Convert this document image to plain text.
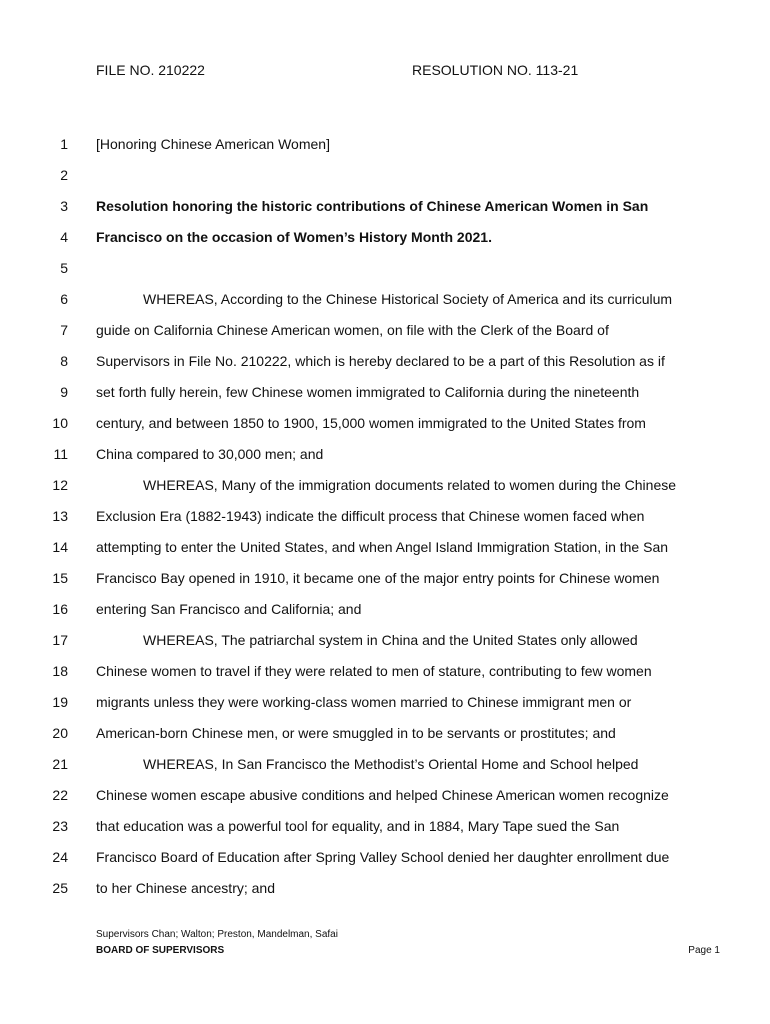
FILE NO. 210222	RESOLUTION NO. 113-21
1 [Honoring Chinese American Women]
2
3 Resolution honoring the historic contributions of Chinese American Women in San
4 Francisco on the occasion of Women’s History Month 2021.
5
6	WHEREAS, According to the Chinese Historical Society of America and its curriculum
7 guide on California Chinese American women, on file with the Clerk of the Board of
8 Supervisors in File No. 210222, which is hereby declared to be a part of this Resolution as if
9 set forth fully herein, few Chinese women immigrated to California during the nineteenth
10 century, and between 1850 to 1900, 15,000 women immigrated to the United States from
11 China compared to 30,000 men; and
12	WHEREAS, Many of the immigration documents related to women during the Chinese
13 Exclusion Era (1882-1943) indicate the difficult process that Chinese women faced when
14 attempting to enter the United States, and when Angel Island Immigration Station, in the San
15 Francisco Bay opened in 1910, it became one of the major entry points for Chinese women
16 entering San Francisco and California; and
17	WHEREAS, The patriarchal system in China and the United States only allowed
18 Chinese women to travel if they were related to men of stature, contributing to few women
19 migrants unless they were working-class women married to Chinese immigrant men or
20 American-born Chinese men, or were smuggled in to be servants or prostitutes; and
21	WHEREAS, In San Francisco the Methodist’s Oriental Home and School helped
22 Chinese women escape abusive conditions and helped Chinese American women recognize
23 that education was a powerful tool for equality, and in 1884, Mary Tape sued the San
24 Francisco Board of Education after Spring Valley School denied her daughter enrollment due
25 to her Chinese ancestry; and
Supervisors Chan; Walton; Preston, Mandelman, Safai
BOARD OF SUPERVISORS	Page 1
